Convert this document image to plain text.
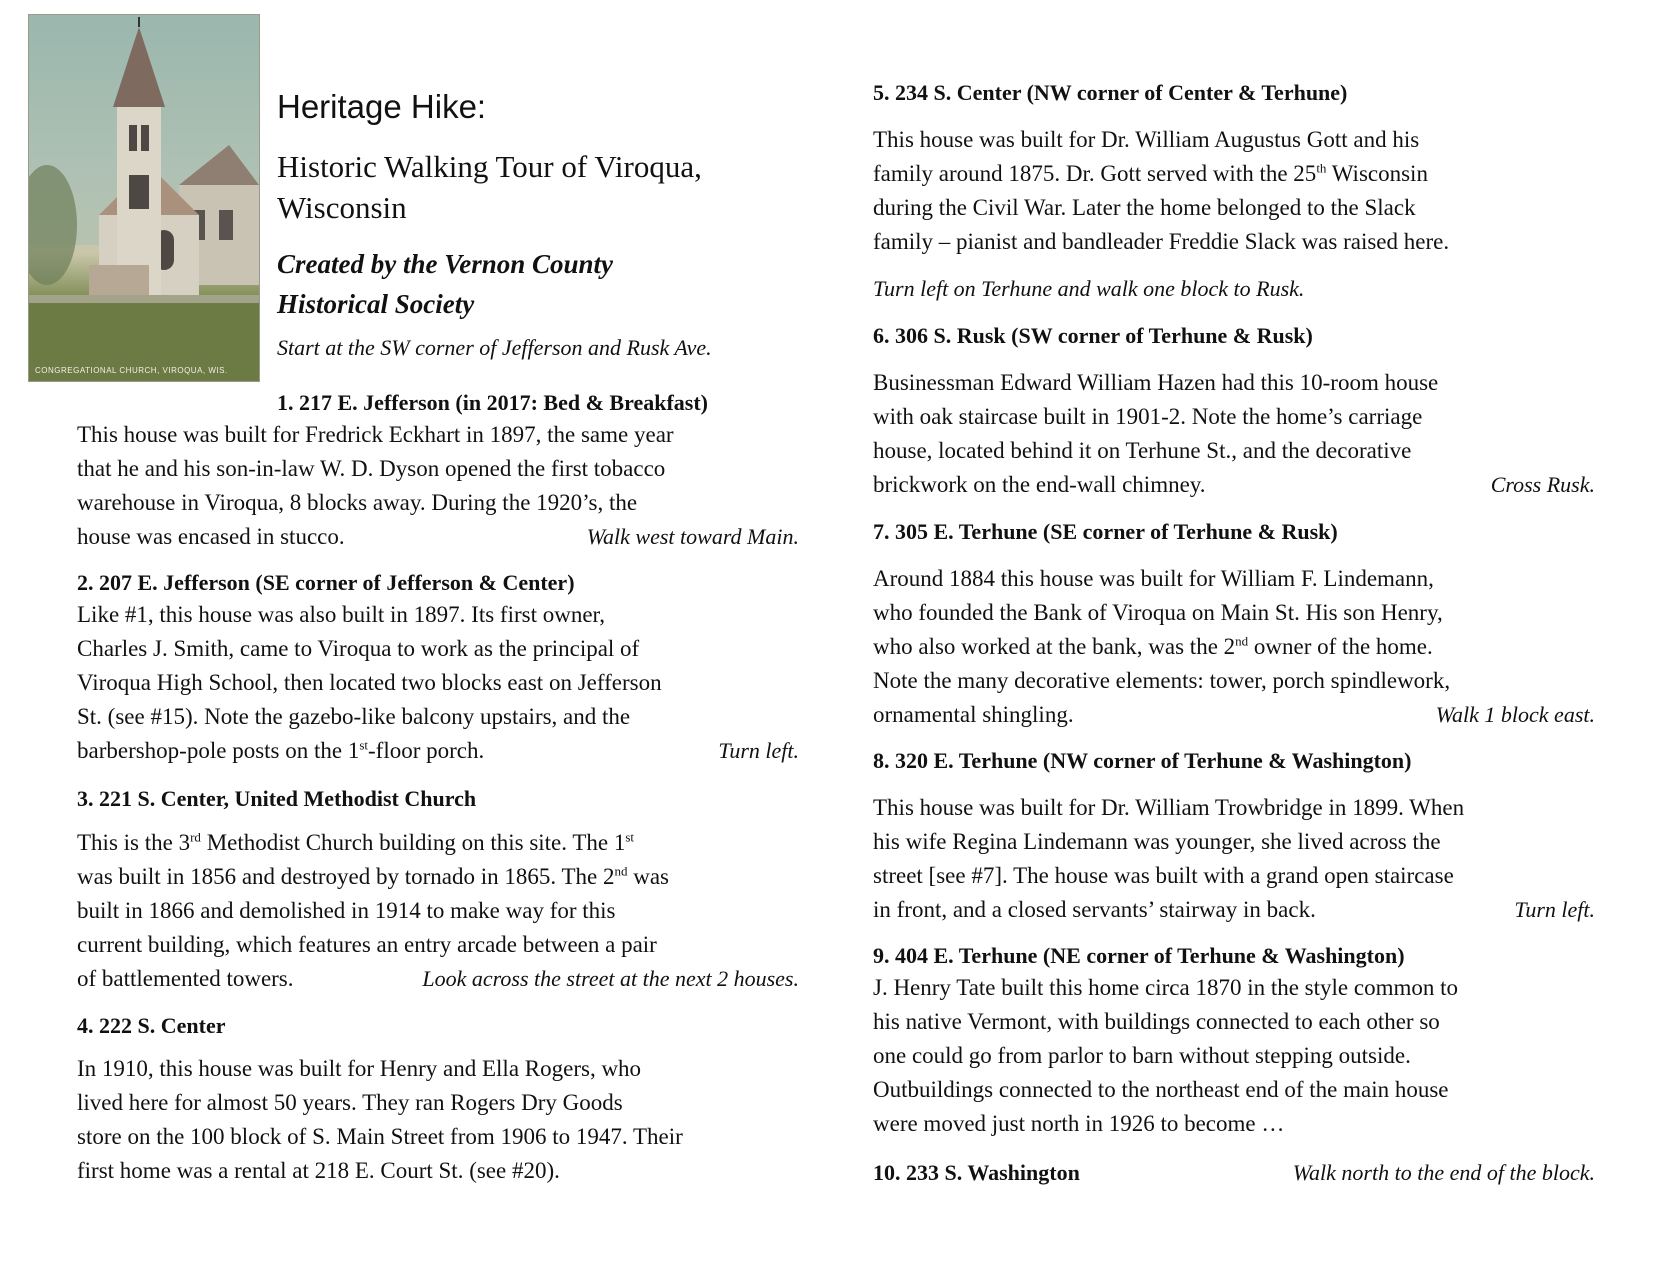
CONGREGATIONAL CHURCH, VIROQUA, WIS.
Heritage Hike:
Historic Walking Tour of Viroqua,
Wisconsin
Created by the Vernon County
Historical Society
Start at the SW corner of Jefferson and Rusk Ave.
1. 217 E. Jefferson (in 2017: Bed & Breakfast)
This house was built for Fredrick Eckhart in 1897, the same year
that he and his son-in-law W. D. Dyson opened the first tobacco
warehouse in Viroqua, 8 blocks away. During the 1920’s, the
house was encased in stucco.	Walk west toward Main.
2. 207 E. Jefferson (SE corner of Jefferson & Center)
Like #1, this house was also built in 1897. Its first owner,
Charles J. Smith, came to Viroqua to work as the principal of
Viroqua High School, then located two blocks east on Jefferson
St. (see #15). Note the gazebo-like balcony upstairs, and the
barbershop-pole posts on the 1st-floor porch.	Turn left.
3. 221 S. Center, United Methodist Church
This is the 3rd Methodist Church building on this site. The 1st
was built in 1856 and destroyed by tornado in 1865. The 2nd was
built in 1866 and demolished in 1914 to make way for this
current building, which features an entry arcade between a pair
of battlemented towers.	Look across the street at the next 2 houses.
4. 222 S. Center
In 1910, this house was built for Henry and Ella Rogers, who
lived here for almost 50 years. They ran Rogers Dry Goods
store on the 100 block of S. Main Street from 1906 to 1947. Their
first home was a rental at 218 E. Court St. (see #20).
5. 234 S. Center (NW corner of Center & Terhune)
This house was built for Dr. William Augustus Gott and his
family around 1875. Dr. Gott served with the 25th Wisconsin
during the Civil War. Later the home belonged to the Slack
family – pianist and bandleader Freddie Slack was raised here.
Turn left on Terhune and walk one block to Rusk.
6. 306 S. Rusk (SW corner of Terhune & Rusk)
Businessman Edward William Hazen had this 10-room house
with oak staircase built in 1901-2. Note the home’s carriage
house, located behind it on Terhune St., and the decorative
brickwork on the end-wall chimney.	Cross Rusk.
7. 305 E. Terhune (SE corner of Terhune & Rusk)
Around 1884 this house was built for William F. Lindemann,
who founded the Bank of Viroqua on Main St. His son Henry,
who also worked at the bank, was the 2nd owner of the home.
Note the many decorative elements: tower, porch spindlework,
ornamental shingling.	Walk 1 block east.
8. 320 E. Terhune (NW corner of Terhune & Washington)
This house was built for Dr. William Trowbridge in 1899. When
his wife Regina Lindemann was younger, she lived across the
street [see #7]. The house was built with a grand open staircase
in front, and a closed servants’ stairway in back.	Turn left.
9. 404 E. Terhune (NE corner of Terhune & Washington)
J. Henry Tate built this home circa 1870 in the style common to
his native Vermont, with buildings connected to each other so
one could go from parlor to barn without stepping outside.
Outbuildings connected to the northeast end of the main house
were moved just north in 1926 to become …
10. 233 S. Washington	Walk north to the end of the block.
